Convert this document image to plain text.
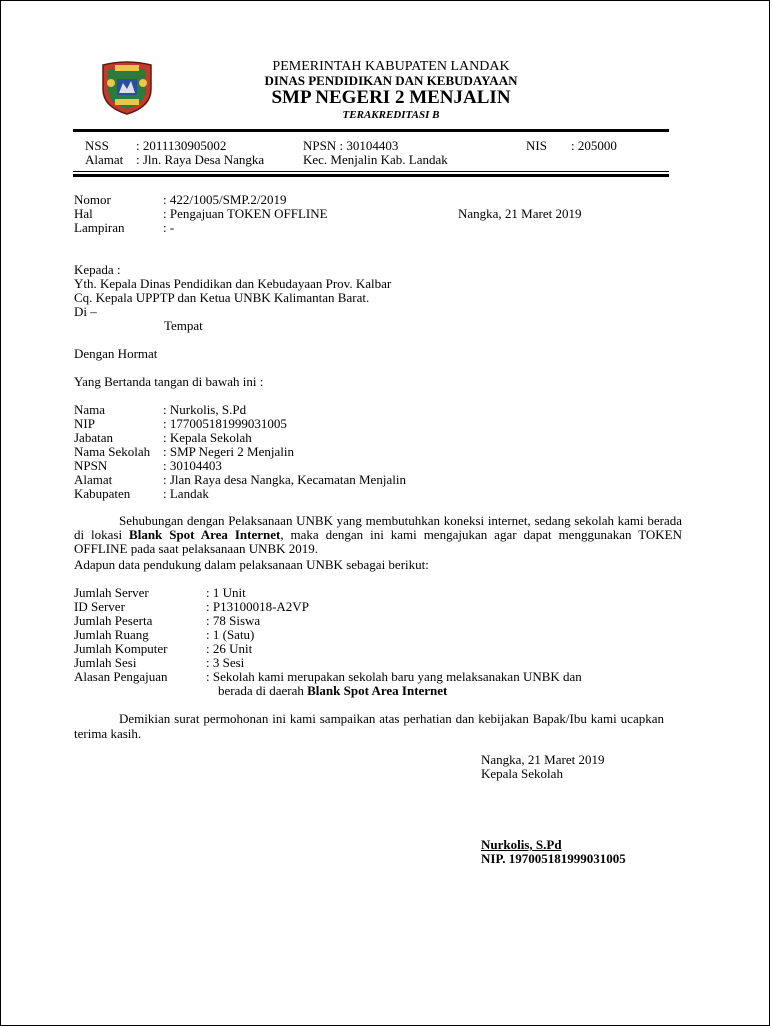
PEMERINTAH KABUPATEN LANDAK
DINAS PENDIDIKAN DAN KEBUDAYAAN
SMP NEGERI 2 MENJALIN
TERAKREDITASI B
NSS : 2011130905002	NPSN : 30104403	NIS : 205000
Alamat : Jln. Raya Desa Nangka	Kec. Menjalin Kab. Landak
Nomor	: 422/1005/SMP.2/2019
Hal	: Pengajuan TOKEN OFFLINE	Nangka, 21 Maret 2019
Lampiran	: -
Kepada :
Yth. Kepala Dinas Pendidikan dan Kebudayaan Prov. Kalbar
Cq. Kepala UPPTP dan Ketua UNBK Kalimantan Barat.
Di –
Tempat
Dengan Hormat
Yang Bertanda tangan di bawah ini :
Nama	: Nurkolis, S.Pd
NIP	: 177005181999031005
Jabatan	: Kepala Sekolah
Nama Sekolah : SMP Negeri 2 Menjalin
NPSN	: 30104403
Alamat	: Jlan Raya desa Nangka, Kecamatan Menjalin
Kabupaten	: Landak
Sehubungan dengan Pelaksanaan UNBK yang membutuhkan koneksi internet, sedang sekolah kami berada di lokasi Blank Spot Area Internet, maka dengan ini kami mengajukan agar dapat menggunakan TOKEN OFFLINE pada saat pelaksanaan UNBK 2019.
Adapun data pendukung dalam pelaksanaan UNBK sebagai berikut:
Jumlah Server	: 1 Unit
ID Server	: P13100018-A2VP
Jumlah Peserta	: 78 Siswa
Jumlah Ruang	: 1 (Satu)
Jumlah Komputer	: 26 Unit
Jumlah Sesi	: 3 Sesi
Alasan Pengajuan	: Sekolah kami merupakan sekolah baru yang melaksanakan UNBK dan
berada di daerah Blank Spot Area Internet
Demikian surat permohonan ini kami sampaikan atas perhatian dan kebijakan Bapak/Ibu kami ucapkan terima kasih.
Nangka, 21 Maret 2019
Kepala Sekolah
Nurkolis, S.Pd
NIP. 197005181999031005
